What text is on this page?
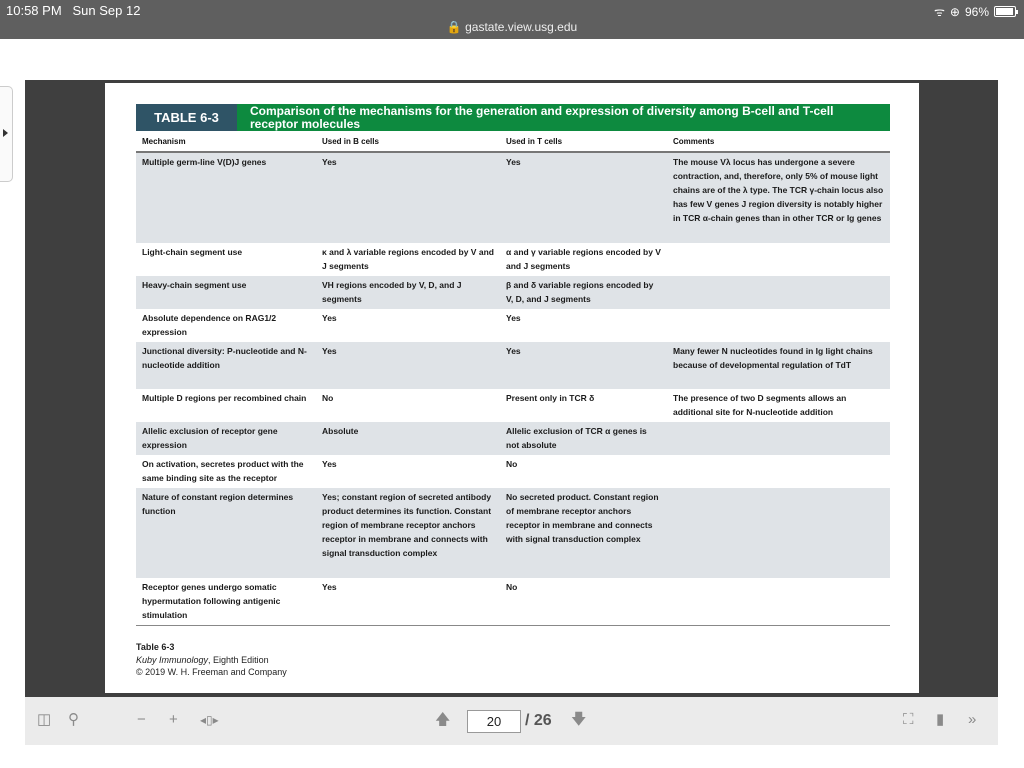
10:58 PM Sun Sep 12
🔒 gastate.view.usg.edu
ᯤ ⊕ 96%
TABLE 6-3	Comparison of the mechanisms for the generation and expression of diversity among B-cell and T-cell receptor molecules
Mechanism	Used in B cells	Used in T cells	Comments
Multiple germ-line V(D)J genes	Yes	Yes	The mouse Vλ locus has undergone a severe contraction, and, therefore, only 5% of mouse light chains are of the λ type. The TCR γ-chain locus also has few V genes J region diversity is notably higher in TCR α-chain genes than in other TCR or Ig genes
Light-chain segment use	κ and λ variable regions encoded by V and J segments	α and γ variable regions encoded by V and J segments	
Heavy-chain segment use	VH regions encoded by V, D, and J segments	β and δ variable regions encoded by V, D, and J segments	
Absolute dependence on RAG1/2 expression	Yes	Yes	
Junctional diversity: P-nucleotide and N-nucleotide addition	Yes	Yes	Many fewer N nucleotides found in Ig light chains because of developmental regulation of TdT
Multiple D regions per recombined chain	No	Present only in TCR δ	The presence of two D segments allows an additional site for N-nucleotide addition
Allelic exclusion of receptor gene expression	Absolute	Allelic exclusion of TCR α genes is not absolute	
On activation, secretes product with the same binding site as the receptor	Yes	No	
Nature of constant region determines function	Yes; constant region of secreted antibody product determines its function. Constant region of membrane receptor anchors receptor in membrane and connects with signal transduction complex	No secreted product. Constant region of membrane receptor anchors receptor in membrane and connects with signal transduction complex	
Receptor genes undergo somatic hypermutation following antigenic stimulation	Yes	No	
Table 6-3
Kuby Immunology, Eighth Edition
© 2019 W. H. Freeman and Company
◫ ⚲	− + ◂▯▸	🡅	20	/ 26 🡇	⛶ ▮ »
